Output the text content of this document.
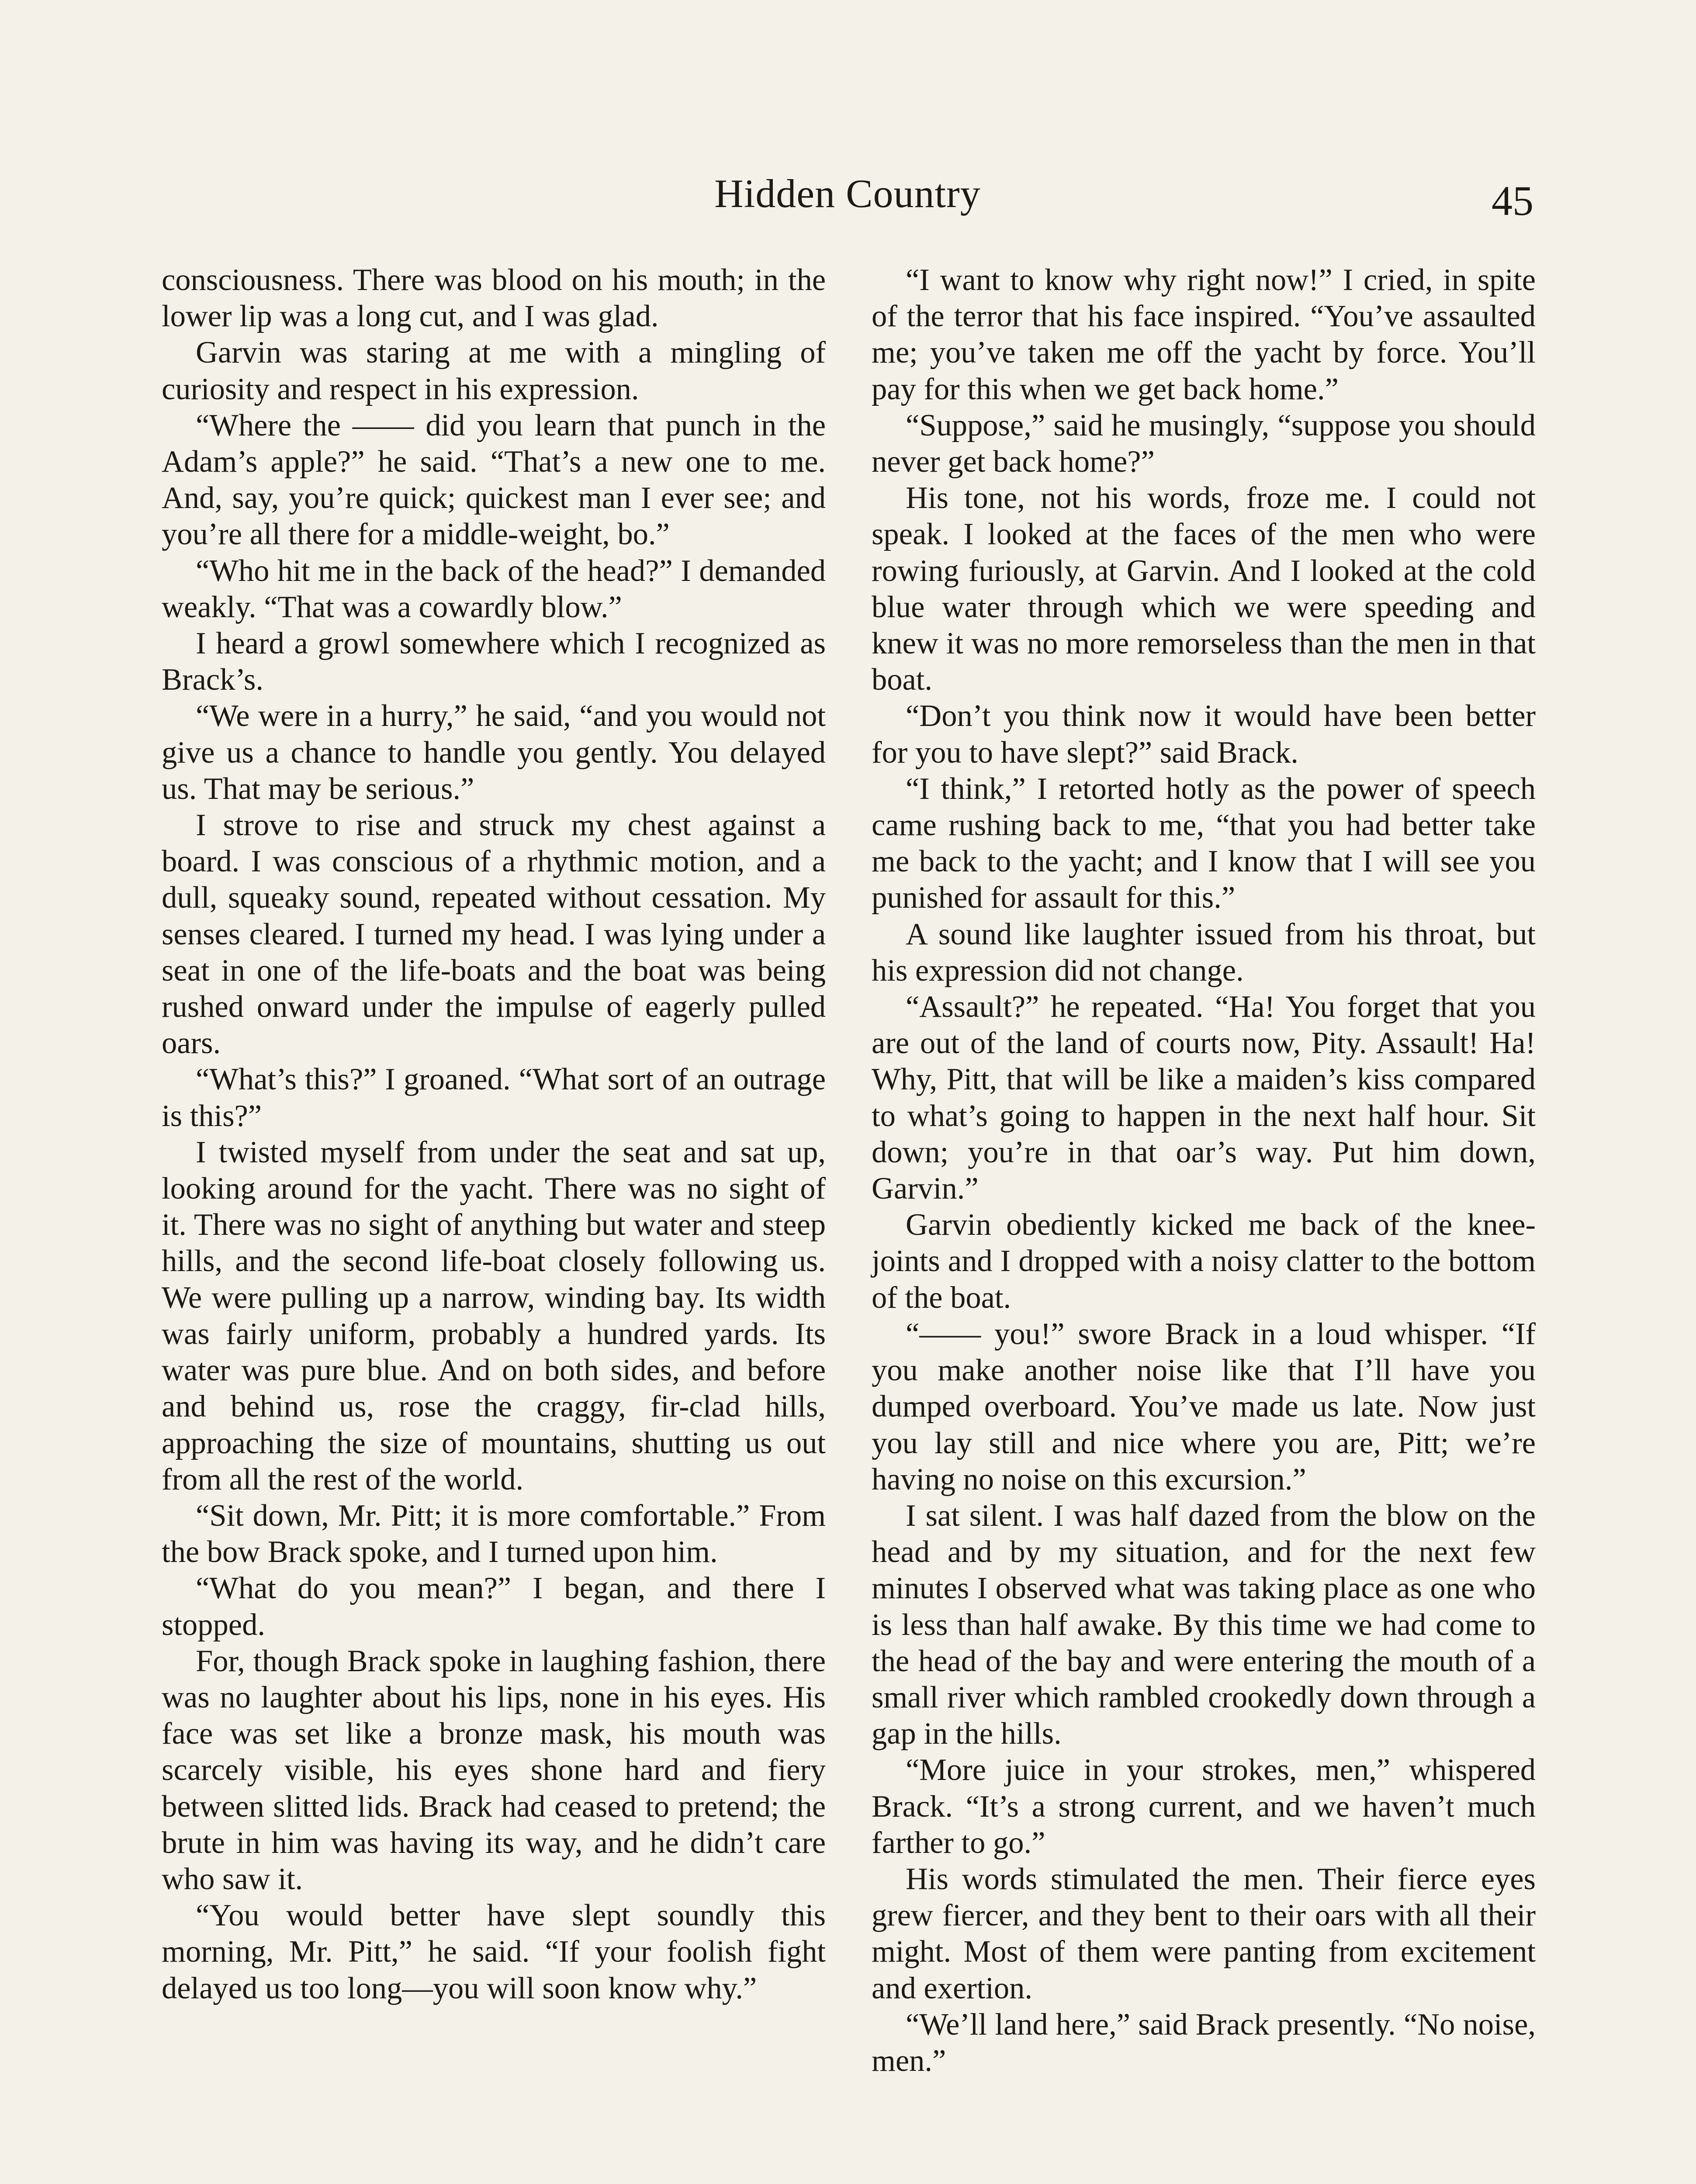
Hidden Country	45

consciousness. There was blood on his mouth; in the lower lip was a long cut, and I was glad.

Garvin was staring at me with a mingling of curiosity and respect in his expression.

“Where the —— did you learn that punch in the Adam’s apple?” he said. “That’s a new one to me. And, say, you’re quick; quickest man I ever see; and you’re all there for a middle-weight, bo.”

“Who hit me in the back of the head?” I demanded weakly. “That was a cowardly blow.”

I heard a growl somewhere which I recognized as Brack’s.

“We were in a hurry,” he said, “and you would not give us a chance to handle you gently. You delayed us. That may be serious.”

I strove to rise and struck my chest against a board. I was conscious of a rhythmic motion, and a dull, squeaky sound, repeated without cessation. My senses cleared. I turned my head. I was lying under a seat in one of the life-boats and the boat was being rushed onward under the impulse of eagerly pulled oars.

“What’s this?” I groaned. “What sort of an outrage is this?”

I twisted myself from under the seat and sat up, looking around for the yacht. There was no sight of it. There was no sight of anything but water and steep hills, and the second life-boat closely following us. We were pulling up a narrow, winding bay. Its width was fairly uniform, probably a hundred yards. Its water was pure blue. And on both sides, and before and behind us, rose the craggy, fir-clad hills, approaching the size of mountains, shutting us out from all the rest of the world.

“Sit down, Mr. Pitt; it is more comfortable.” From the bow Brack spoke, and I turned upon him.

“What do you mean?” I began, and there I stopped.

For, though Brack spoke in laughing fashion, there was no laughter about his lips, none in his eyes. His face was set like a bronze mask, his mouth was scarcely visible, his eyes shone hard and fiery between slitted lids. Brack had ceased to pretend; the brute in him was having its way, and he didn’t care who saw it.

“You would better have slept soundly this morning, Mr. Pitt,” he said. “If your foolish fight delayed us too long—you will soon know why.”

“I want to know why right now!” I cried, in spite of the terror that his face inspired. “You’ve assaulted me; you’ve taken me off the yacht by force. You’ll pay for this when we get back home.”

“Suppose,” said he musingly, “suppose you should never get back home?”

His tone, not his words, froze me. I could not speak. I looked at the faces of the men who were rowing furiously, at Garvin. And I looked at the cold blue water through which we were speeding and knew it was no more remorseless than the men in that boat.

“Don’t you think now it would have been better for you to have slept?” said Brack.

“I think,” I retorted hotly as the power of speech came rushing back to me, “that you had better take me back to the yacht; and I know that I will see you punished for assault for this.”

A sound like laughter issued from his throat, but his expression did not change.

“Assault?” he repeated. “Ha! You forget that you are out of the land of courts now, Pity. Assault! Ha! Why, Pitt, that will be like a maiden’s kiss compared to what’s going to happen in the next half hour. Sit down; you’re in that oar’s way. Put him down, Garvin.”

Garvin obediently kicked me back of the knee-joints and I dropped with a noisy clatter to the bottom of the boat.

“—— you!” swore Brack in a loud whisper. “If you make another noise like that I’ll have you dumped overboard. You’ve made us late. Now just you lay still and nice where you are, Pitt; we’re having no noise on this excursion.”

I sat silent. I was half dazed from the blow on the head and by my situation, and for the next few minutes I observed what was taking place as one who is less than half awake. By this time we had come to the head of the bay and were entering the mouth of a small river which rambled crookedly down through a gap in the hills.

“More juice in your strokes, men,” whispered Brack. “It’s a strong current, and we haven’t much farther to go.”

His words stimulated the men. Their fierce eyes grew fiercer, and they bent to their oars with all their might. Most of them were panting from excitement and exertion.

“We’ll land here,” said Brack presently. “No noise, men.”
